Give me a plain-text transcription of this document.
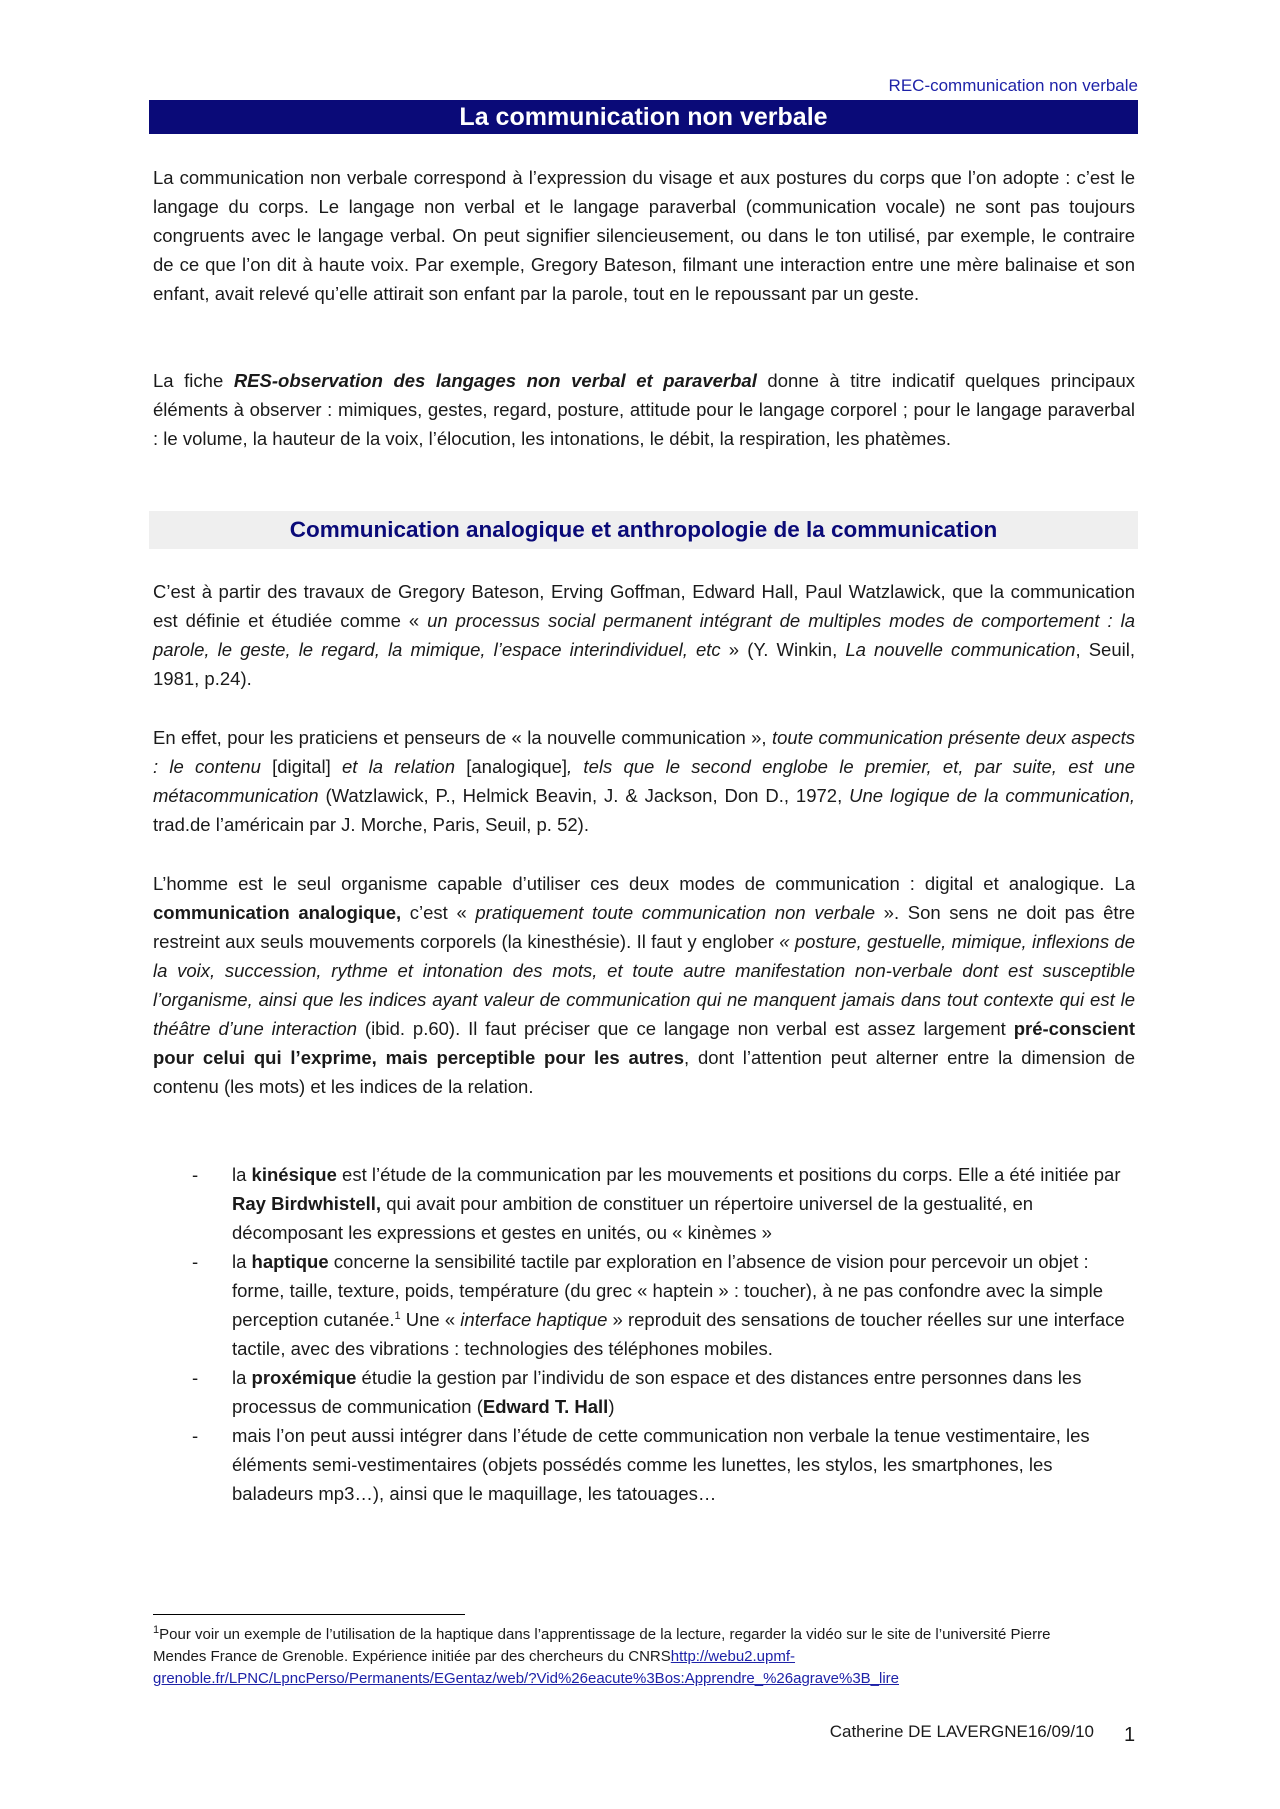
REC-communication non verbale
La communication non verbale

La communication non verbale correspond à l’expression du visage et aux postures du corps que l’on adopte : c’est le langage du corps. Le langage non verbal et le langage paraverbal (communication vocale) ne sont pas toujours congruents avec le langage verbal. On peut signifier silencieusement, ou dans le ton utilisé, par exemple, le contraire de ce que l’on dit à haute voix. Par exemple, Gregory Bateson, filmant une interaction entre une mère balinaise et son enfant, avait relevé qu’elle attirait son enfant par la parole, tout en le repoussant par un geste.

La fiche RES-observation des langages non verbal et paraverbal donne à titre indicatif quelques principaux éléments à observer : mimiques, gestes, regard, posture, attitude pour le langage corporel ; pour le langage paraverbal : le volume, la hauteur de la voix, l’élocution, les intonations, le débit, la respiration, les phatèmes.

Communication analogique et anthropologie de la communication

C’est à partir des travaux de Gregory Bateson, Erving Goffman, Edward Hall, Paul Watzlawick, que la communication est définie et étudiée comme « un processus social permanent intégrant de multiples modes de comportement : la parole, le geste, le regard, la mimique, l’espace interindividuel, etc » (Y. Winkin, La nouvelle communication, Seuil, 1981, p.24).

En effet, pour les praticiens et penseurs de « la nouvelle communication », toute communication présente deux aspects : le contenu [digital] et la relation [analogique], tels que le second englobe le premier, et, par suite, est une métacommunication (Watzlawick, P., Helmick Beavin, J. & Jackson, Don D., 1972, Une logique de la communication, trad.de l’américain par J. Morche, Paris, Seuil, p. 52).

L’homme est le seul organisme capable d’utiliser ces deux modes de communication : digital et analogique. La communication analogique, c’est « pratiquement toute communication non verbale ». Son sens ne doit pas être restreint aux seuls mouvements corporels (la kinesthésie). Il faut y englober « posture, gestuelle, mimique, inflexions de la voix, succession, rythme et intonation des mots, et toute autre manifestation non-verbale dont est susceptible l’organisme, ainsi que les indices ayant valeur de communication qui ne manquent jamais dans tout contexte qui est le théâtre d’une interaction (ibid. p.60). Il faut préciser que ce langage non verbal est assez largement pré-conscient pour celui qui l’exprime, mais perceptible pour les autres, dont l’attention peut alterner entre la dimension de contenu (les mots) et les indices de la relation.

- la kinésique est l’étude de la communication par les mouvements et positions du corps. Elle a été initiée par Ray Birdwhistell, qui avait pour ambition de constituer un répertoire universel de la gestualité, en décomposant les expressions et gestes en unités, ou « kinèmes »
- la haptique concerne la sensibilité tactile par exploration en l’absence de vision pour percevoir un objet : forme, taille, texture, poids, température (du grec « haptein » : toucher), à ne pas confondre avec la simple perception cutanée.$^1$ Une « interface haptique » reproduit des sensations de toucher réelles sur une interface tactile, avec des vibrations : technologies des téléphones mobiles.
- la proxémique étudie la gestion par l’individu de son espace et des distances entre personnes dans les processus de communication (Edward T. Hall)
- mais l’on peut aussi intégrer dans l’étude de cette communication non verbale la tenue vestimentaire, les éléments semi-vestimentaires (objets possédés comme les lunettes, les stylos, les smartphones, les baladeurs mp3…), ainsi que le maquillage, les tatouages…
$^1$Pour voir un exemple de l’utilisation de la haptique dans l’apprentissage de la lecture, regarder la vidéo sur le site de l’université Pierre Mendes France de Grenoble. Expérience initiée par des chercheurs du CNRShttp://webu2.upmf-grenoble.fr/LPNC/LpncPerso/Permanents/EGentaz/web/?Vid%26eacute%3Bos:Apprendre_%26agrave%3B_lire
Catherine DE LAVERGNE16/09/10 1
